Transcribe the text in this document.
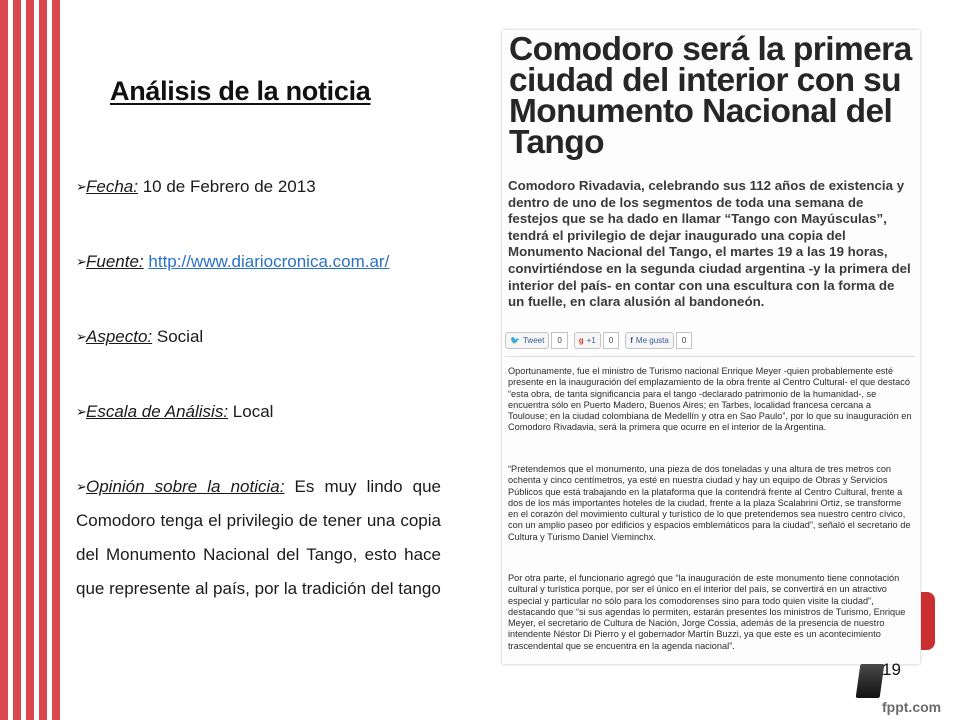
Análisis de la noticia
➢Fecha: 10 de Febrero de 2013
➢Fuente: http://www.diariocronica.com.ar/
➢Aspecto: Social
➢Escala de Análisis: Local
➢Opinión sobre la noticia: Es muy lindo que Comodoro tenga el privilegio de tener una copia del Monumento Nacional del Tango, esto hace que represente al país, por la tradición del tango
Comodoro será la primera ciudad del interior con su Monumento Nacional del Tango

Comodoro Rivadavia, celebrando sus 112 años de existencia y dentro de uno de los segmentos de toda una semana de festejos que se ha dado en llamar “Tango con Mayúsculas”, tendrá el privilegio de dejar inaugurado una copia del Monumento Nacional del Tango, el martes 19 a las 19 horas, convirtiéndose en la segunda ciudad argentina -y la primera del interior del país- en contar con una escultura con la forma de un fuelle, en clara alusión al bandoneón.

🐦 Tweet	0	g +1	0	f Me gusta	0

Oportunamente, fue el ministro de Turismo nacional Enrique Meyer -quien probablemente esté presente en la inauguración del emplazamiento de la obra frente al Centro Cultural- el que destacó “esta obra, de tanta significancia para el tango -declarado patrimonio de la humanidad-, se encuentra sólo en Puerto Madero, Buenos Aires; en Tarbes, localidad francesa cercana a Toulouse; en la ciudad colombiana de Medellín y otra en Sao Paulo”, por lo que su inauguración en Comodoro Rivadavia, será la primera que ocurre en el interior de la Argentina.

“Pretendemos que el monumento, una pieza de dos toneladas y una altura de tres metros con ochenta y cinco centímetros, ya esté en nuestra ciudad y hay un equipo de Obras y Servicios Públicos que está trabajando en la plataforma que la contendrá frente al Centro Cultural, frente a dos de los más importantes hoteles de la ciudad, frente a la plaza Scalabrini Ortiz, se transforme en el corazón del movimiento cultural y turístico de lo que pretendemos sea nuestro centro cívico, con un amplio paseo por edificios y espacios emblemáticos para la ciudad”, señaló el secretario de Cultura y Turismo Daniel Vieminchx.

Por otra parte, el funcionario agregó que “la inauguración de este monumento tiene connotación cultural y turística porque, por ser el único en el interior del país, se convertirá en un atractivo especial y particular no sólo para los comodorenses sino para todo quien visite la ciudad”, destacando que “si sus agendas lo permiten, estarán presentes los ministros de Turismo, Enrique Meyer, el secretario de Cultura de Nación, Jorge Cossia, además de la presencia de nuestro intendente Néstor Di Pierro y el gobernador Martín Buzzi, ya que este es un acontecimiento trascendental que se encuentra en la agenda nacional”.

19
fppt.com
